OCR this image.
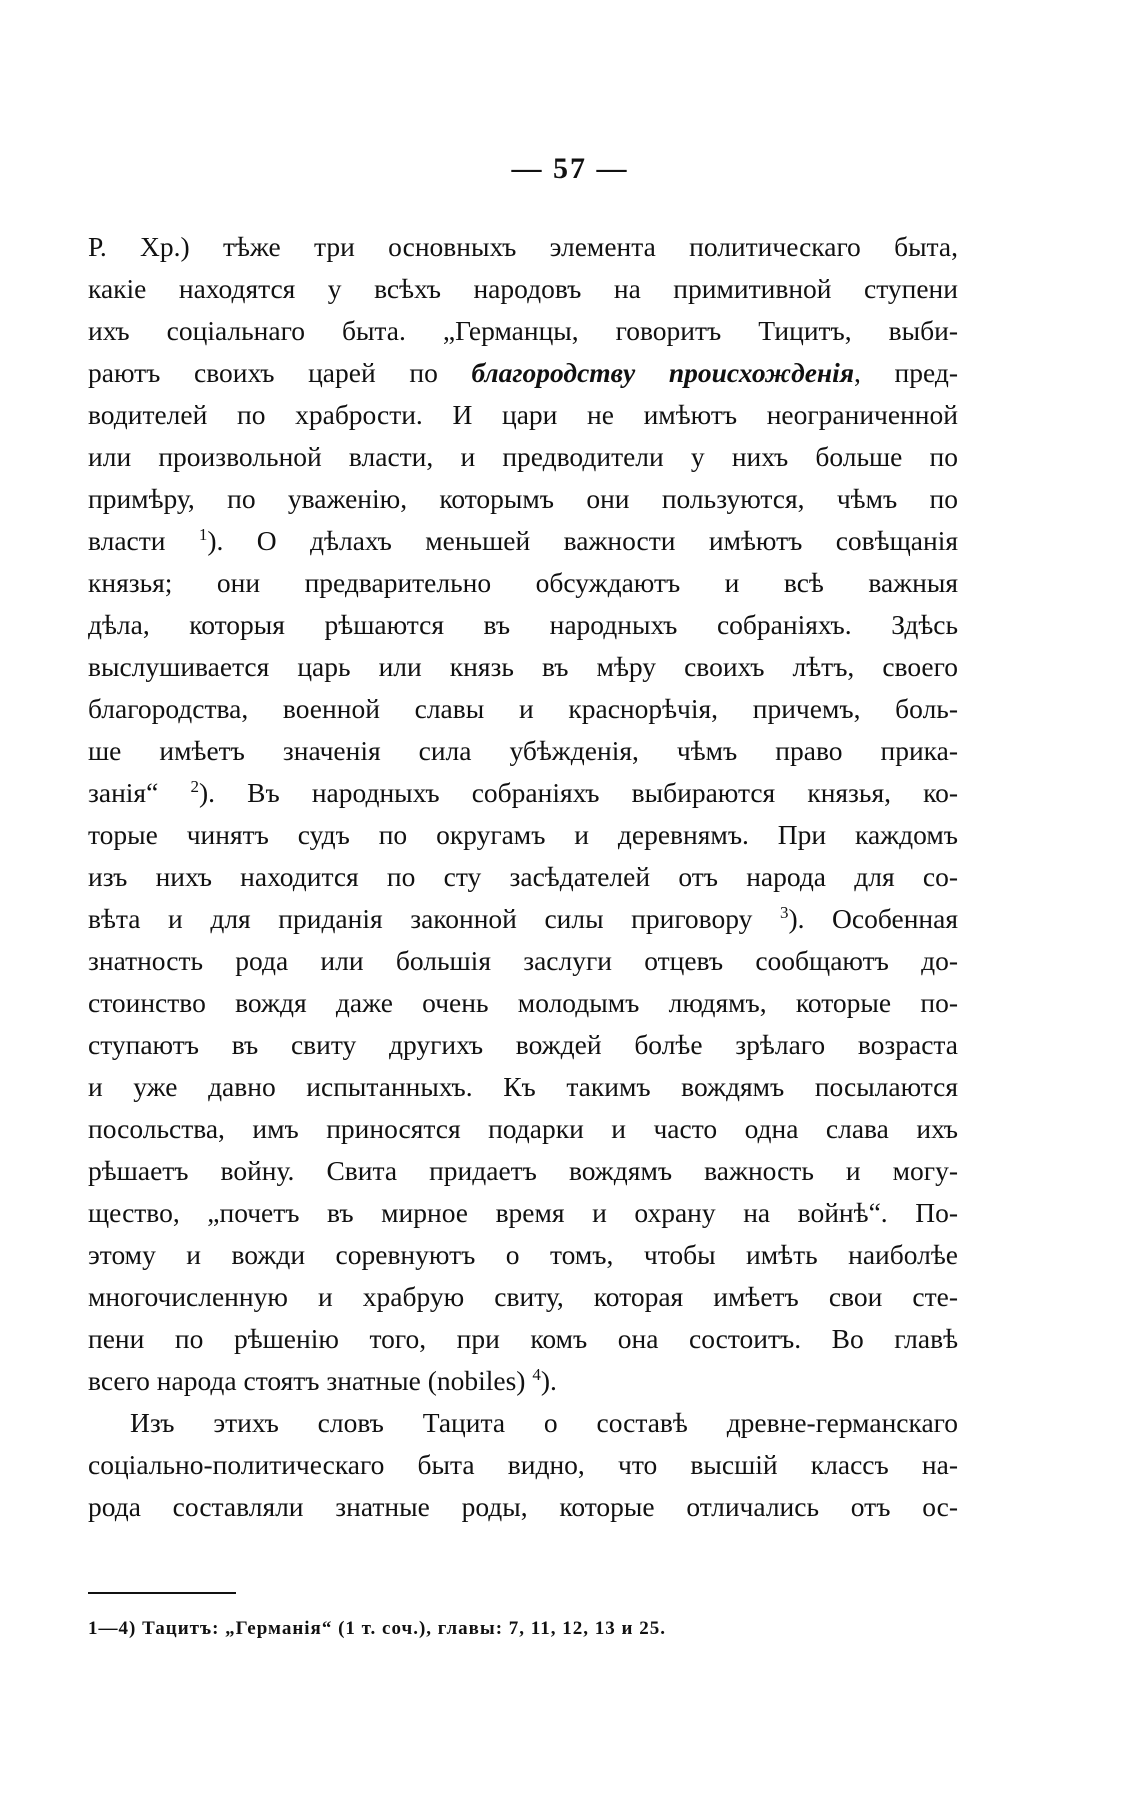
— 57 —
Р. Хр.) тѣже три основныхъ элемента политическаго быта,
какіе находятся у всѣхъ народовъ на примитивной ступени
ихъ соціальнаго быта. „Германцы, говоритъ Тицитъ, выби-
раютъ своихъ царей по благородству происхожденія, пред-
водителей по храбрости. И цари не имѣютъ неограниченной
или произвольной власти, и предводители у нихъ больше по
примѣру, по уваженію, которымъ они пользуются, чѣмъ по
власти $^1$). О дѣлахъ меньшей важности имѣютъ совѣщанія
князья; они предварительно обсуждаютъ и всѣ важныя
дѣла, которыя рѣшаются въ народныхъ собраніяхъ. Здѣсь
выслушивается царь или князь въ мѣру своихъ лѣтъ, своего
благородства, военной славы и краснорѣчія, причемъ, боль-
ше имѣетъ значенія сила убѣжденія, чѣмъ право прика-
занія“ $^2$). Въ народныхъ собраніяхъ выбираются князья, ко-
торые чинятъ судъ по округамъ и деревнямъ. При каждомъ
изъ нихъ находится по сту засѣдателей отъ народа для со-
вѣта и для приданія законной силы приговору $^3$). Особенная
знатность рода или большія заслуги отцевъ сообщаютъ до-
стоинство вождя даже очень молодымъ людямъ, которые по-
ступаютъ въ свиту другихъ вождей болѣе зрѣлаго возраста
и уже давно испытанныхъ. Къ такимъ вождямъ посылаются
посольства, имъ приносятся подарки и часто одна слава ихъ
рѣшаетъ войну. Свита придаетъ вождямъ важность и могу-
щество, „почетъ въ мирное время и охрану на войнѣ“. По-
этому и вожди соревнуютъ о томъ, чтобы имѣть наиболѣе
многочисленную и храбрую свиту, которая имѣетъ свои сте-
пени по рѣшенію того, при комъ она состоитъ. Во главѣ
всего народа стоятъ знатные (nobiles) $^4$).
Изъ этихъ словъ Тацита о составѣ древне-германскаго
соціально-политическаго быта видно, что высшій классъ на-
рода составляли знатные роды, которые отличались отъ ос-
1—4) Тацитъ: „Германія“ (1 т. соч.), главы: 7, 11, 12, 13 и 25.
